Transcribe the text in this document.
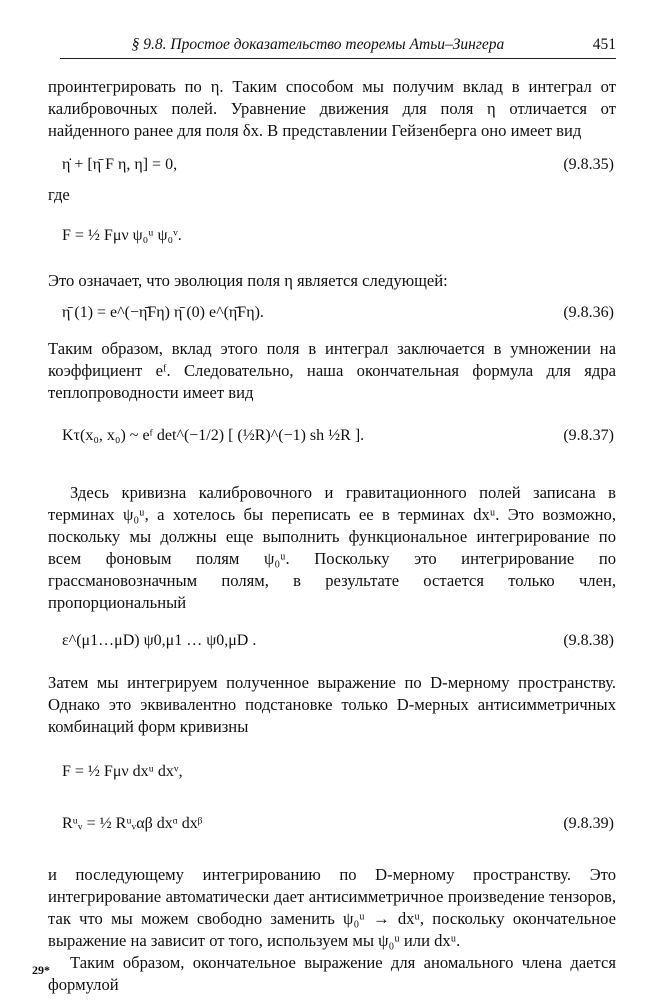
§ 9.8. Простое доказательство теоремы Атьи–Зингера	451

проинтегрировать по η. Таким способом мы получим вклад в интеграл от калибровочных полей. Уравнение движения для поля η отличается от найденного ранее для поля δx. В представлении Гейзенберга оно имеет вид

η̇ + [η̄ F η, η] = 0,	(9.8.35)

где

F = ½ Fμν ψ₀ᵘ ψ₀ᵛ.

Это означает, что эволюция поля η является следующей:

η̄ (1) = e^(−η̄Fη) η̄ (0) e^(η̄Fη).	(9.8.36)

Таким образом, вклад этого поля в интеграл заключается в умножении на коэффициент eᶠ. Следовательно, наша окончательная формула для ядра теплопроводности имеет вид

Kτ(x₀, x₀) ~ eᶠ det^(−1/2) [ (½R)^(−1) sh ½R ].	(9.8.37)

Здесь кривизна калибровочного и гравитационного полей записана в терминах ψ₀ᵘ, а хотелось бы переписать ее в терминах dxᵘ. Это возможно, поскольку мы должны еще выполнить функциональное интегрирование по всем фоновым полям ψ₀ᵘ. Поскольку это интегрирование по грассмановозначным полям, в результате остается только член, пропорциональный

ε^(μ1…μD) ψ0,μ1 … ψ0,μD .	(9.8.38)

Затем мы интегрируем полученное выражение по D-мерному пространству. Однако это эквивалентно подстановке только D-мерных антисимметричных комбинаций форм кривизны

F = ½ Fμν dxᵘ dxᵛ,
Rᵘᵥ = ½ Rᵘᵥαβ dxᵅ dxᵝ	(9.8.39)

и последующему интегрированию по D-мерному пространству. Это интегрирование автоматически дает антисимметричное произведение тензоров, так что мы можем свободно заменить ψ₀ᵘ → dxᵘ, поскольку окончательное выражение на зависит от того, используем мы ψ₀ᵘ или dxᵘ.

Таким образом, окончательное выражение для аномального члена дается формулой

29*
